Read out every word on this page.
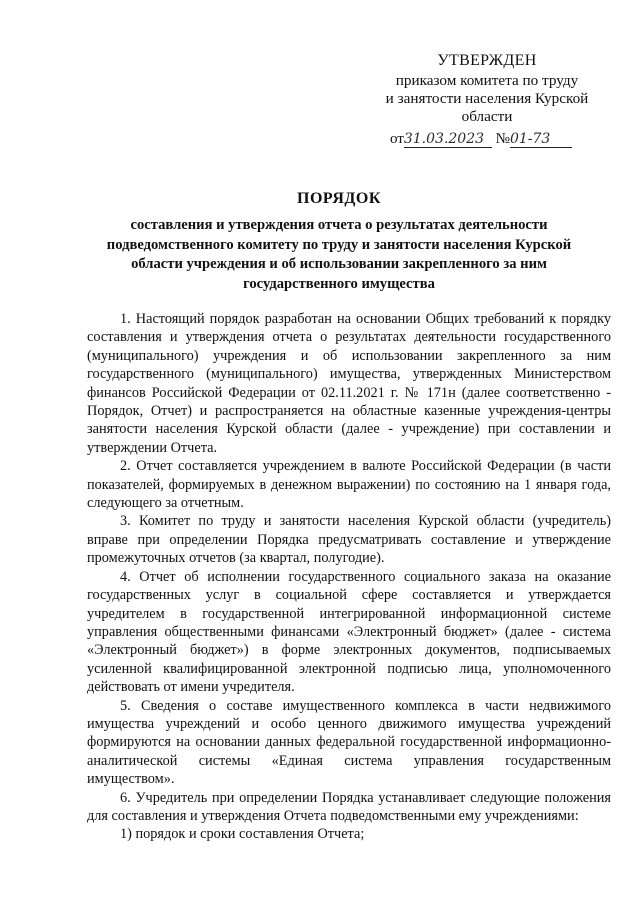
УТВЕРЖДЕН
приказом комитета по труду
и занятости населения Курской
области
от31.03.2023 №01-73
ПОРЯДОК
составления и утверждения отчета о результатах деятельности подведомственного комитету по труду и занятости населения Курской области учреждения и об использовании закрепленного за ним государственного имущества

1. Настоящий порядок разработан на основании Общих требований к порядку составления и утверждения отчета о результатах деятельности государственного (муниципального) учреждения и об использовании закрепленного за ним государственного (муниципального) имущества, утвержденных Министерством финансов Российской Федерации от 02.11.2021 г. № 171н (далее соответственно - Порядок, Отчет) и распространяется на областные казенные учреждения-центры занятости населения Курской области (далее - учреждение) при составлении и утверждении Отчета.

2. Отчет составляется учреждением в валюте Российской Федерации (в части показателей, формируемых в денежном выражении) по состоянию на 1 января года, следующего за отчетным.

3. Комитет по труду и занятости населения Курской области (учредитель) вправе при определении Порядка предусматривать составление и утверждение промежуточных отчетов (за квартал, полугодие).

4. Отчет об исполнении государственного социального заказа на оказание государственных услуг в социальной сфере составляется и утверждается учредителем в государственной интегрированной информационной системе управления общественными финансами «Электронный бюджет» (далее - система «Электронный бюджет») в форме электронных документов, подписываемых усиленной квалифицированной электронной подписью лица, уполномоченного действовать от имени учредителя.

5. Сведения о составе имущественного комплекса в части недвижимого имущества учреждений и особо ценного движимого имущества учреждений формируются на основании данных федеральной государственной информационно-аналитической системы «Единая система управления государственным имуществом».

6. Учредитель при определении Порядка устанавливает следующие положения для составления и утверждения Отчета подведомственными ему учреждениями:

1) порядок и сроки составления Отчета;
